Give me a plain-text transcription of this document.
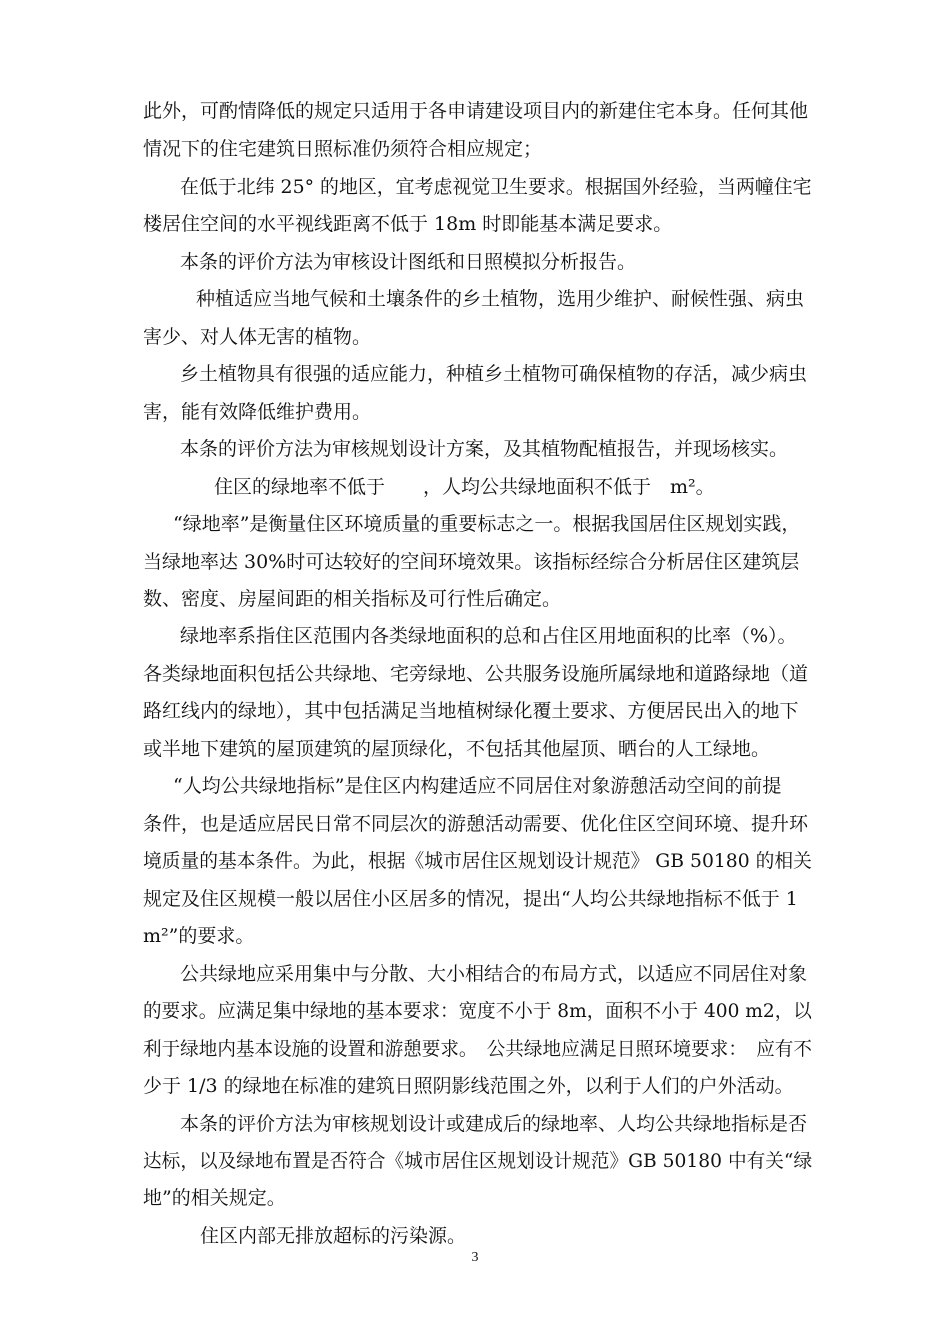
此外，可酌情降低的规定只适用于各申请建设项目内的新建住宅本身。任何其他
情况下的住宅建筑日照标准仍须符合相应规定；
在低于北纬 25° 的地区，宜考虑视觉卫生要求。根据国外经验，当两幢住宅
楼居住空间的水平视线距离不低于 18m 时即能基本满足要求。
本条的评价方法为审核设计图纸和日照模拟分析报告。
种植适应当地气候和土壤条件的乡土植物，选用少维护、耐候性强、病虫
害少、对人体无害的植物。
乡土植物具有很强的适应能力，种植乡土植物可确保植物的存活，减少病虫
害，能有效降低维护费用。
本条的评价方法为审核规划设计方案，及其植物配植报告，并现场核实。
住区的绿地率不低于　　，人均公共绿地面积不低于　m²。
“绿地率”是衡量住区环境质量的重要标志之一。根据我国居住区规划实践，
当绿地率达 30%时可达较好的空间环境效果。该指标经综合分析居住区建筑层
数、密度、房屋间距的相关指标及可行性后确定。
绿地率系指住区范围内各类绿地面积的总和占住区用地面积的比率（%）。
各类绿地面积包括公共绿地、宅旁绿地、公共服务设施所属绿地和道路绿地（道
路红线内的绿地），其中包括满足当地植树绿化覆土要求、方便居民出入的地下
或半地下建筑的屋顶建筑的屋顶绿化，不包括其他屋顶、晒台的人工绿地。
“人均公共绿地指标”是住区内构建适应不同居住对象游憩活动空间的前提
条件，也是适应居民日常不同层次的游憩活动需要、优化住区空间环境、提升环
境质量的基本条件。为此，根据《城市居住区规划设计规范》 GB 50180 的相关
规定及住区规模一般以居住小区居多的情况，提出“人均公共绿地指标不低于 1
m²”的要求。
公共绿地应采用集中与分散、大小相结合的布局方式，以适应不同居住对象
的要求。应满足集中绿地的基本要求：宽度不小于 8m，面积不小于 400 m2，以
利于绿地内基本设施的设置和游憩要求。　公共绿地应满足日照环境要求：　应有不
少于 1/3 的绿地在标准的建筑日照阴影线范围之外，以利于人们的户外活动。
本条的评价方法为审核规划设计或建成后的绿地率、人均公共绿地指标是否
达标，以及绿地布置是否符合《城市居住区规划设计规范》GB 50180 中有关“绿
地”的相关规定。
住区内部无排放超标的污染源。
3
